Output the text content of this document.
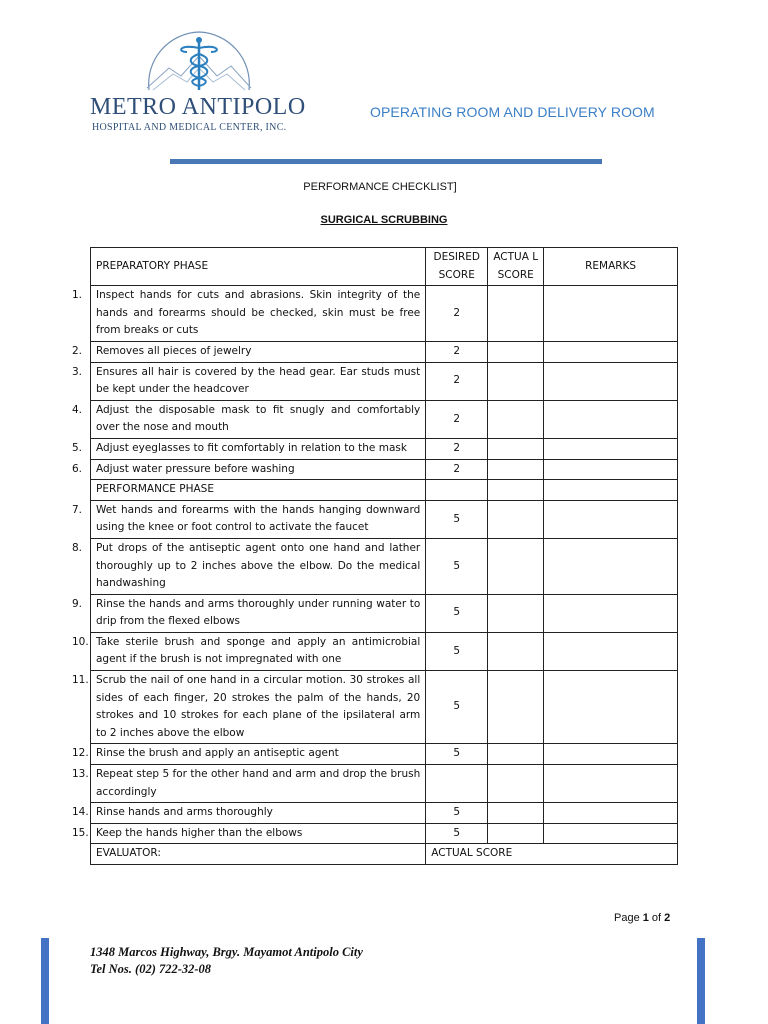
METRO ANTIPOLO
HOSPITAL AND MEDICAL CENTER, INC.
OPERATING ROOM AND DELIVERY ROOM
PERFORMANCE CHECKLIST]
SURGICAL SCRUBBING
PREPARATORY PHASE	DESIRED SCORE	ACTUA L SCORE	REMARKS
1. Inspect hands for cuts and abrasions. Skin integrity of the hands and forearms should be checked, skin must be free from breaks or cuts	2		
2. Removes all pieces of jewelry	2		
3. Ensures all hair is covered by the head gear. Ear studs must be kept under the headcover	2		
4. Adjust the disposable mask to fit snugly and comfortably over the nose and mouth	2		
5. Adjust eyeglasses to fit comfortably in relation to the mask	2		
6. Adjust water pressure before washing	2		
PERFORMANCE PHASE			
7. Wet hands and forearms with the hands hanging downward using the knee or foot control to activate the faucet	5		
8. Put drops of the antiseptic agent onto one hand and lather thoroughly up to 2 inches above the elbow. Do the medical handwashing	5		
9. Rinse the hands and arms thoroughly under running water to drip from the flexed elbows	5		
10. Take sterile brush and sponge and apply an antimicrobial agent if the brush is not impregnated with one	5		
11. Scrub the nail of one hand in a circular motion. 30 strokes all sides of each finger, 20 strokes the palm of the hands, 20 strokes and 10 strokes for each plane of the ipsilateral arm to 2 inches above the elbow	5		
12. Rinse the brush and apply an antiseptic agent	5		
13. Repeat step 5 for the other hand and arm and drop the brush accordingly			
14. Rinse hands and arms thoroughly	5		
15. Keep the hands higher than the elbows	5		
EVALUATOR:	ACTUAL SCORE		
Page 1 of 2
1348 Marcos Highway, Brgy. Mayamot Antipolo City
Tel Nos. (02) 722-32-08
